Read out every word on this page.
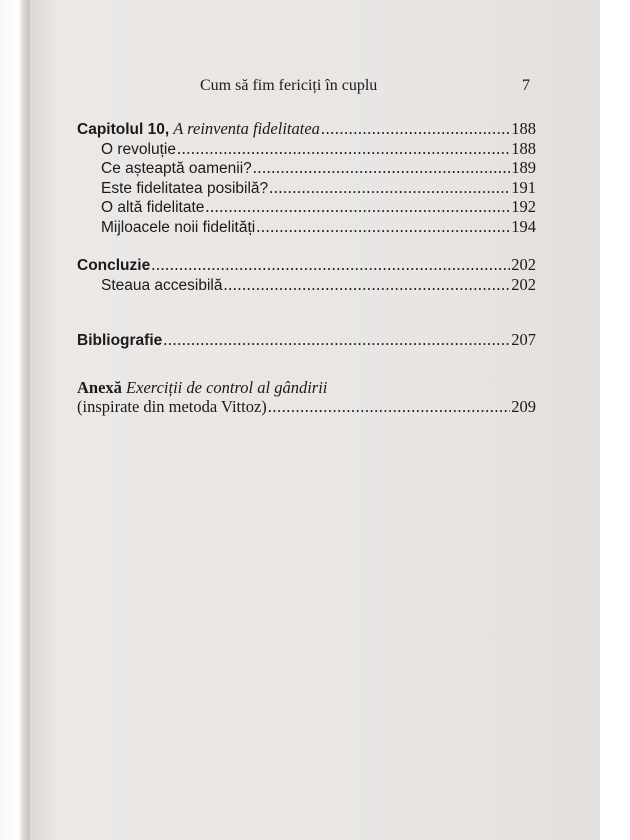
Cum să fim fericiți în cuplu	7
Capitolul 10, A reinventa fidelitatea .....	188
O revoluție .....	188
Ce așteaptă oamenii? .....	189
Este fidelitatea posibilă? .....	191
O altă fidelitate .....	192
Mijloacele noii fidelități .....	194
Concluzie .....	202
Steaua accesibilă .....	202
Bibliografie .....	207
Anexă Exerciții de control al gândirii
(inspirate din metoda Vittoz) .....	209
